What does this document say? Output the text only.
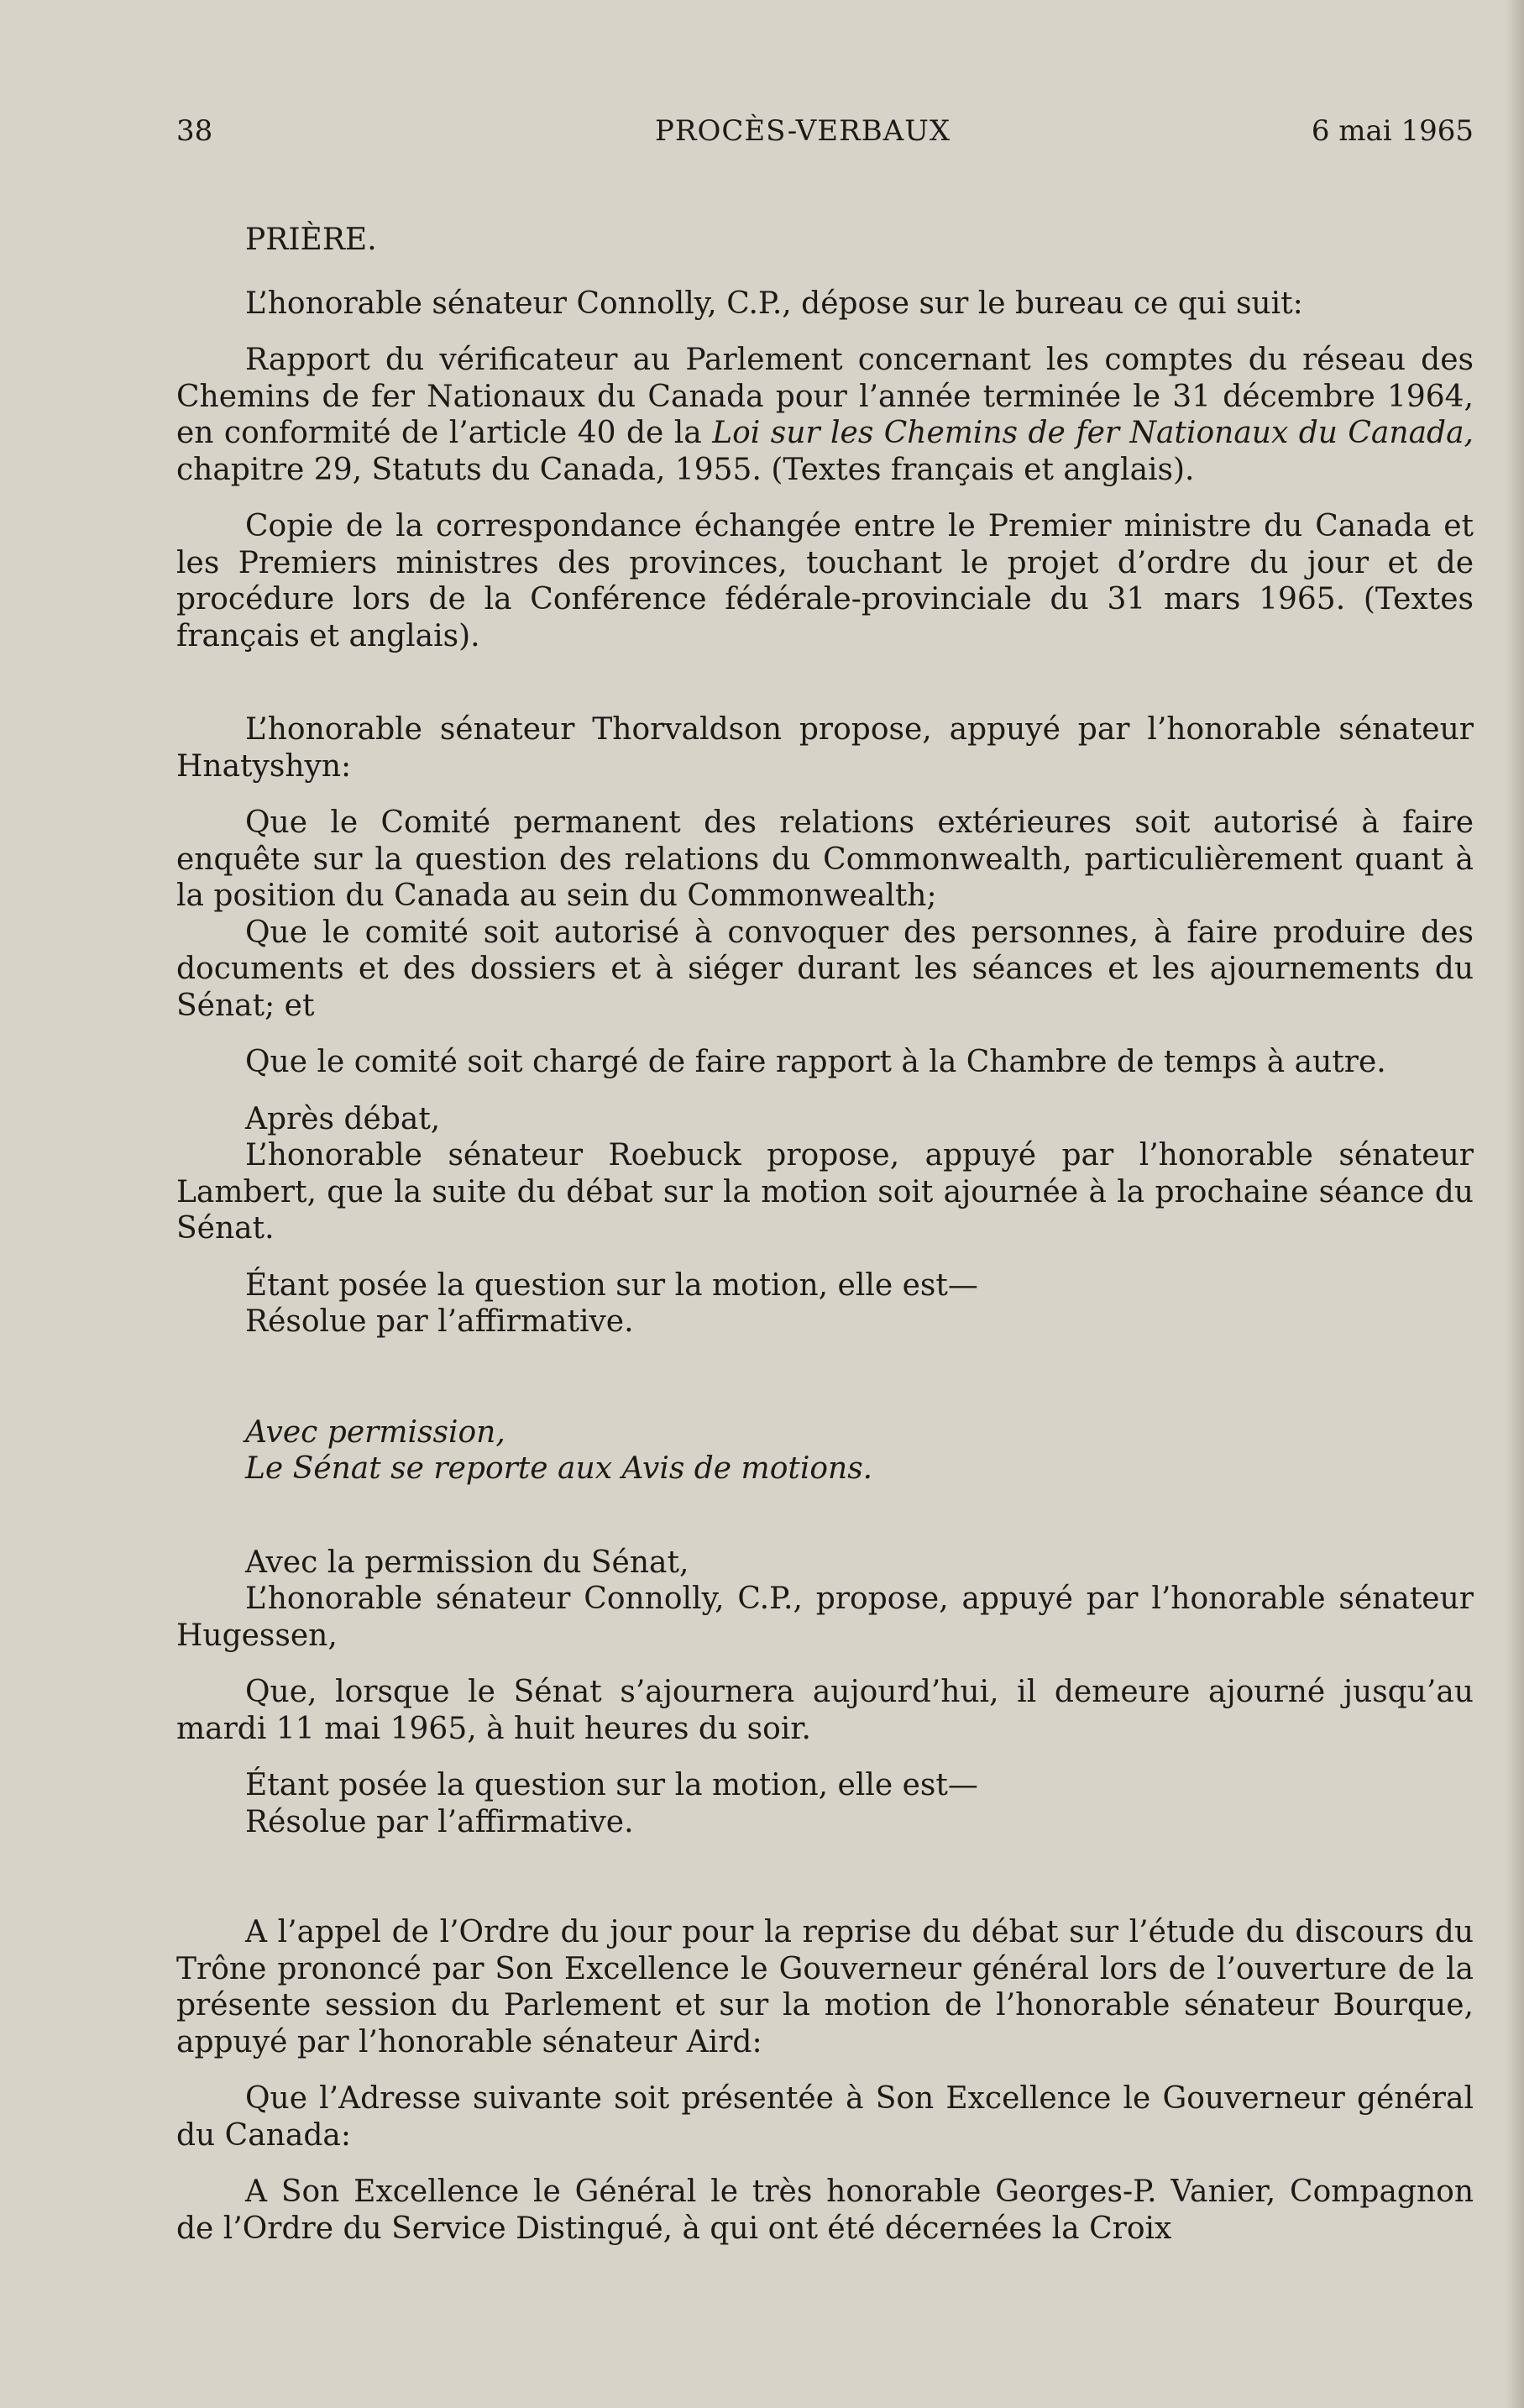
38	PROCÈS-VERBAUX	6 mai 1965

PRIÈRE.

L’honorable sénateur Connolly, C.P., dépose sur le bureau ce qui suit:

Rapport du vérificateur au Parlement concernant les comptes du réseau des Chemins de fer Nationaux du Canada pour l’année terminée le 31 décembre 1964, en conformité de l’article 40 de la Loi sur les Chemins de fer Nationaux du Canada, chapitre 29, Statuts du Canada, 1955. (Textes français et anglais).

Copie de la correspondance échangée entre le Premier ministre du Canada et les Premiers ministres des provinces, touchant le projet d’ordre du jour et de procédure lors de la Conférence fédérale-provinciale du 31 mars 1965. (Textes français et anglais).

L’honorable sénateur Thorvaldson propose, appuyé par l’honorable sénateur Hnatyshyn:

Que le Comité permanent des relations extérieures soit autorisé à faire enquête sur la question des relations du Commonwealth, particulièrement quant à la position du Canada au sein du Commonwealth;

Que le comité soit autorisé à convoquer des personnes, à faire produire des documents et des dossiers et à siéger durant les séances et les ajournements du Sénat; et

Que le comité soit chargé de faire rapport à la Chambre de temps à autre.

Après débat,

L’honorable sénateur Roebuck propose, appuyé par l’honorable sénateur Lambert, que la suite du débat sur la motion soit ajournée à la prochaine séance du Sénat.

Étant posée la question sur la motion, elle est—

Résolue par l’affirmative.

Avec permission,

Le Sénat se reporte aux Avis de motions.

Avec la permission du Sénat,

L’honorable sénateur Connolly, C.P., propose, appuyé par l’honorable sénateur Hugessen,

Que, lorsque le Sénat s’ajournera aujourd’hui, il demeure ajourné jusqu’au mardi 11 mai 1965, à huit heures du soir.

Étant posée la question sur la motion, elle est—

Résolue par l’affirmative.

A l’appel de l’Ordre du jour pour la reprise du débat sur l’étude du discours du Trône prononcé par Son Excellence le Gouverneur général lors de l’ouverture de la présente session du Parlement et sur la motion de l’honorable sénateur Bourque, appuyé par l’honorable sénateur Aird:

Que l’Adresse suivante soit présentée à Son Excellence le Gouverneur général du Canada:

A Son Excellence le Général le très honorable Georges-P. Vanier, Compagnon de l’Ordre du Service Distingué, à qui ont été décernées la Croix
